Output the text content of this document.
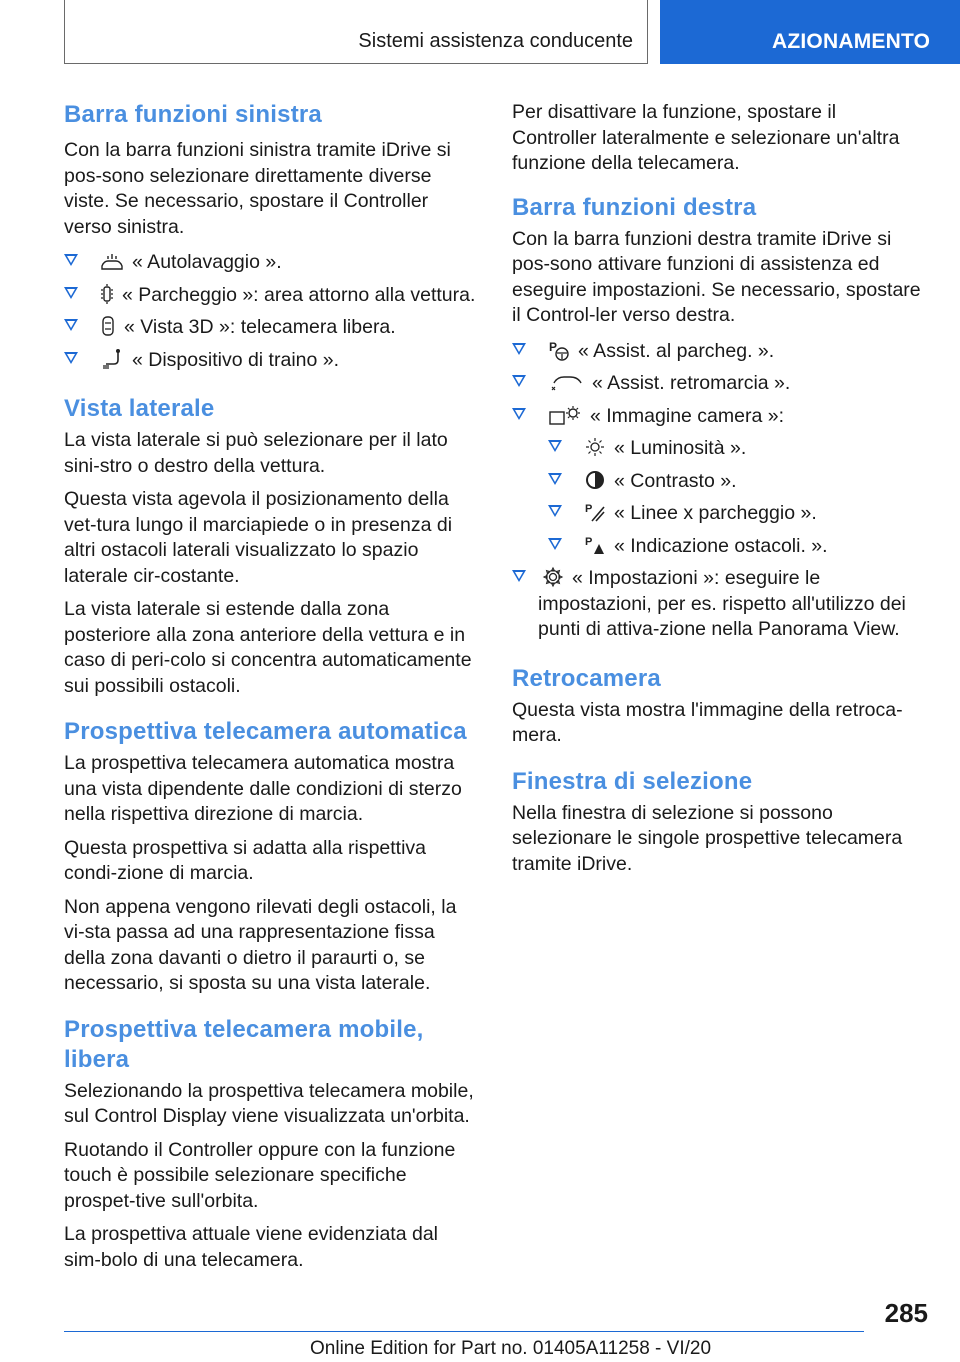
Sistemi assistenza conducente	AZIONAMENTO
Barra funzioni sinistra

Con la barra funzioni sinistra tramite iDrive si pos-sono selezionare direttamente diverse viste. Se necessario, spostare il Controller verso sinistra.

« Autolavaggio ».
« Parcheggio »: area attorno alla vettura.
« Vista 3D »: telecamera libera.
« Dispositivo di traino ».
Vista laterale

La vista laterale si può selezionare per il lato sini-stro o destro della vettura.

Questa vista agevola il posizionamento della vet-tura lungo il marciapiede o in presenza di altri ostacoli laterali visualizzato lo spazio laterale cir-costante.

La vista laterale si estende dalla zona posteriore alla zona anteriore della vettura e in caso di peri-colo si concentra automaticamente sui possibili ostacoli.

Prospettiva telecamera automatica

La prospettiva telecamera automatica mostra una vista dipendente dalle condizioni di sterzo nella rispettiva direzione di marcia.

Questa prospettiva si adatta alla rispettiva condi-zione di marcia.

Non appena vengono rilevati degli ostacoli, la vi-sta passa ad una rappresentazione fissa della zona davanti o dietro il paraurti o, se necessario, si sposta su una vista laterale.

Prospettiva telecamera mobile, libera

Selezionando la prospettiva telecamera mobile, sul Control Display viene visualizzata un'orbita.

Ruotando il Controller oppure con la funzione touch è possibile selezionare specifiche prospet-tive sull'orbita.

La prospettiva attuale viene evidenziata dal sim-bolo di una telecamera.

Per disattivare la funzione, spostare il Controller lateralmente e selezionare un'altra funzione della telecamera.

Barra funzioni destra

Con la barra funzioni destra tramite iDrive si pos-sono attivare funzioni di assistenza ed eseguire impostazioni. Se necessario, spostare il Control-ler verso destra.

P « Assist. al parcheg. ».
« Assist. retromarcia ».
« Immagine camera »:
« Luminosità ».
« Contrasto ».
P « Linee x parcheggio ».
P « Indicazione ostacoli. ».
« Impostazioni »: eseguire le impostazioni, per es. rispetto all'utilizzo dei punti di attiva-zione nella Panorama View.
Retrocamera

Questa vista mostra l'immagine della retroca-mera.

Finestra di selezione

Nella finestra di selezione si possono selezionare le singole prospettive telecamera tramite iDrive.

285
Online Edition for Part no. 01405A11258 - VI/20
